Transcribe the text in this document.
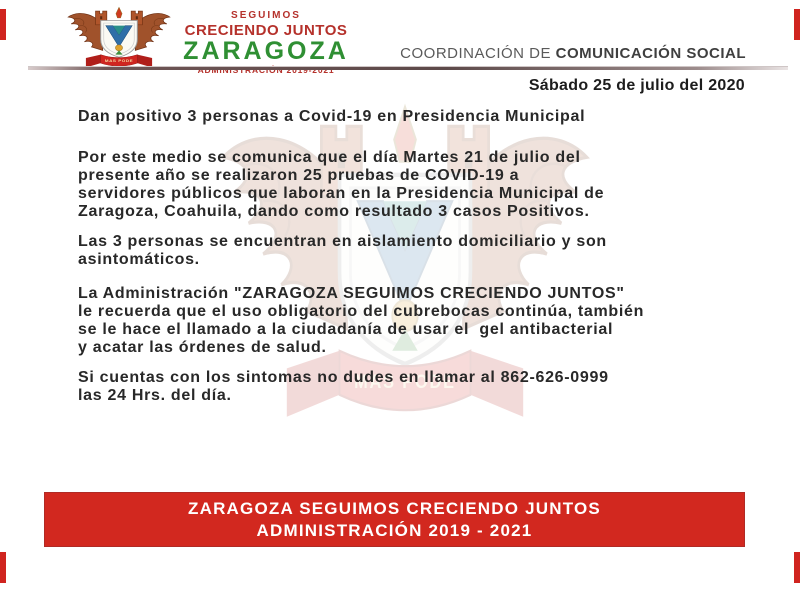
SEGUIMOS
CRECIENDO JUNTOS
ZARAGOZA	COORDINACIÓN DE COMUNICACIÓN SOCIAL
Sábado 25 de julio del 2020
Dan positivo 3 personas a Covid-19 en Presidencia Municipal
Por este medio se comunica que el día Martes 21 de julio del
presente año se realizaron 25 pruebas de COVID-19 a
servidores públicos que laboran en la Presidencia Municipal de
Zaragoza, Coahuila, dando como resultado 3 casos Positivos.
Las 3 personas se encuentran en aislamiento domiciliario y son
asintomáticos.
La Administración "ZARAGOZA SEGUIMOS CRECIENDO JUNTOS"
le recuerda que el uso obligatorio del cubrebocas continúa, también
se le hace el llamado a la ciudadanía de usar el  gel antibacterial
y acatar las órdenes de salud.
Si cuentas con los sintomas no dudes en llamar al 862-626-0999
las 24 Hrs. del día.
ZARAGOZA SEGUIMOS CRECIENDO JUNTOS
ADMINISTRACIÓN 2019 - 2021
